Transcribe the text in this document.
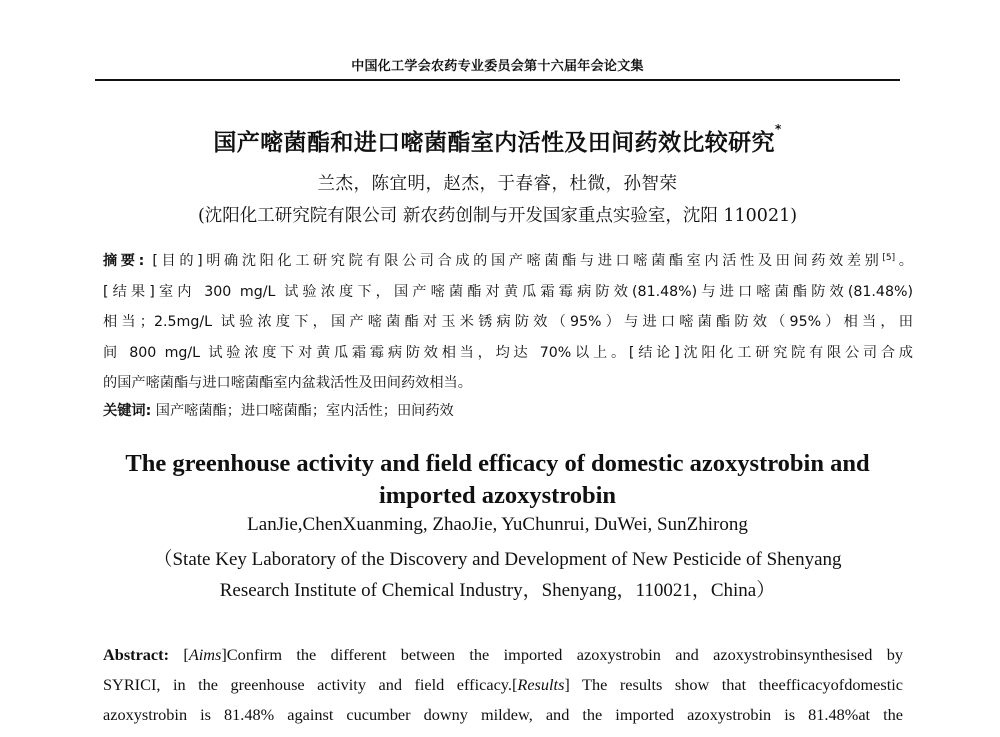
中国化工学会农药专业委员会第十六届年会论文集
国产嘧菌酯和进口嘧菌酯室内活性及田间药效比较研究*
兰杰，陈宜明，赵杰，于春睿，杜微，孙智荣
(沈阳化工研究院有限公司 新农药创制与开发国家重点实验室，沈阳 110021)
摘要: [目的]明确沈阳化工研究院有限公司合成的国产嘧菌酯与进口嘧菌酯室内活性及田间药效差别[5]。
[结果]室内 300 mg/L 试验浓度下，国产嘧菌酯对黄瓜霜霉病防效(81.48%)与进口嘧菌酯防效(81.48%)
相当；2.5mg/L 试验浓度下，国产嘧菌酯对玉米锈病防效（95%）与进口嘧菌酯防效（95%）相当，田
间 800 mg/L 试验浓度下对黄瓜霜霉病防效相当，均达 70%以上。[结论]沈阳化工研究院有限公司合成
的国产嘧菌酯与进口嘧菌酯室内盆栽活性及田间药效相当。
关键词: 国产嘧菌酯；进口嘧菌酯；室内活性；田间药效
The greenhouse activity and field efficacy of domestic azoxystrobin and
imported azoxystrobin
LanJie,ChenXuanming, ZhaoJie, YuChunrui, DuWei, SunZhirong
（State Key Laboratory of the Discovery and Development of New Pesticide of Shenyang
Research Institute of Chemical Industry，Shenyang，110021，China）
Abstract: [Aims]Confirm the different between the imported azoxystrobin and azoxystrobinsynthesised by
SYRICI, in the greenhouse activity and field efficacy.[Results] The results show that theefficacyofdomestic
azoxystrobin is 81.48% against cucumber downy mildew, and the imported azoxystrobin is 81.48%at the
